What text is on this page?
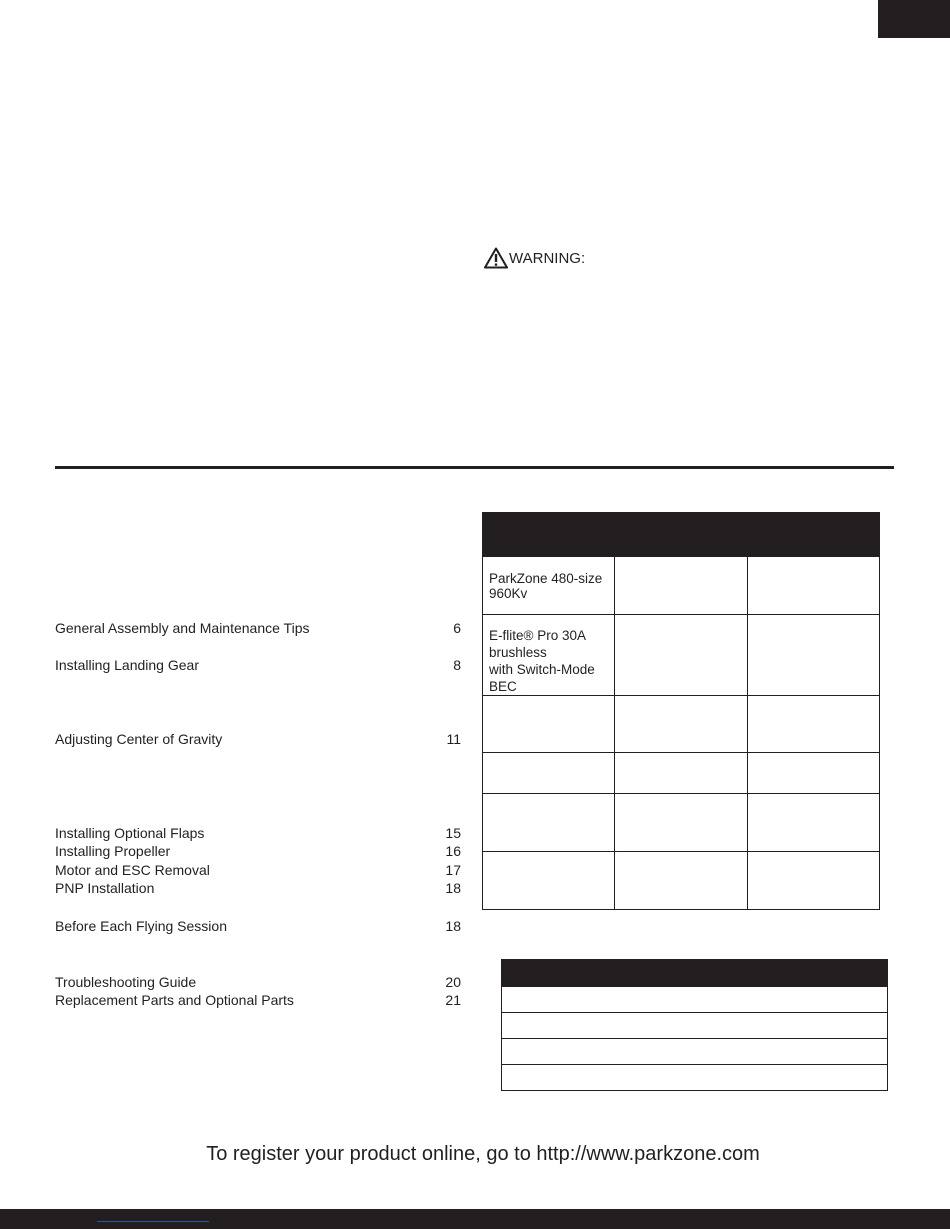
WARNING:
General Assembly and Maintenance Tips	6
Installing Landing Gear	8
Adjusting Center of Gravity	11
Installing Optional Flaps	15
Installing Propeller	16
Motor and ESC Removal	17
PNP Installation	18
Before Each Flying Session	18
Troubleshooting Guide	20
Replacement Parts and Optional Parts	21

ParkZone 480-size 960Kv		

E-flite® Pro 30A brushless
with Switch-Mode BEC		

To register your product online, go to http://www.parkzone.com
